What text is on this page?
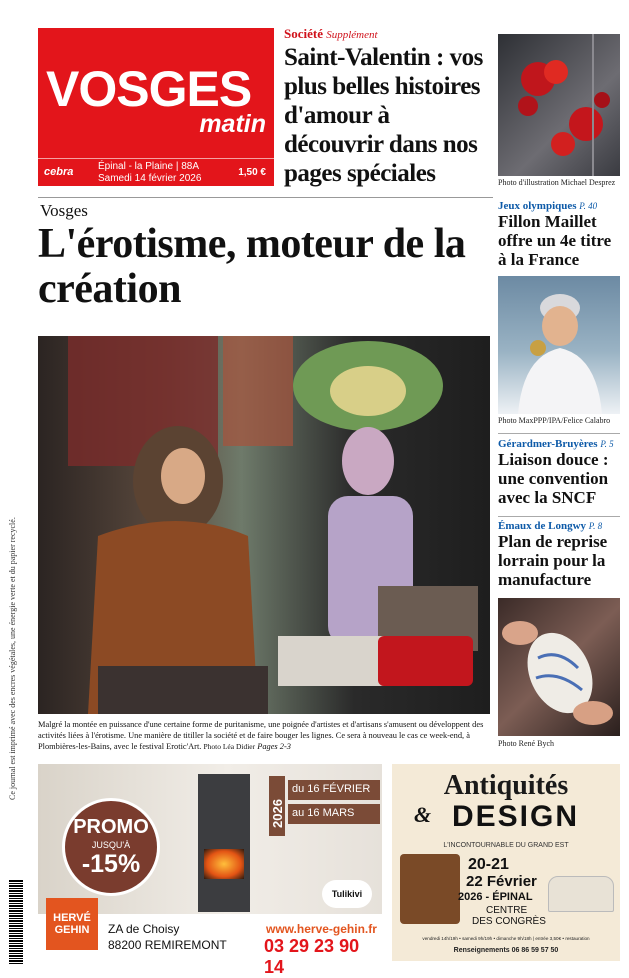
VOSGES
matin
cebra Épinal - la Plaine | 88A
Samedi 14 février 2026
1,50 €
Société Supplément
Saint-Valentin : vos plus belles histoires d'amour à découvrir dans nos pages spéciales	Photo d'illustration Michael Desprez
Vosges
L'érotisme, moteur de la création
Malgré la montée en puissance d'une certaine forme de puritanisme, une poignée d'artistes et d'artisans s'amusent ou développent des activités liées à l'érotisme. Une manière de titiller la société et de faire bouger les lignes. Ce sera à nouveau le cas ce week-end, à Plombières-les-Bains, avec le festival Erotic'Art. Photo Léa Didier Pages 2-3
Jeux olympiques P. 40
Fillon Maillet offre un 4e titre à la France
Photo MaxPPP/IPA/Felice Calabro
Gérardmer-Bruyères P. 5
Liaison douce : une convention avec la SNCF
Émaux de Longwy P. 8
Plan de reprise lorrain pour la manufacture
Photo René Bych
Ce journal est imprimé avec des encres végétales, une énergie verte et du papier recyclé.
PROMO
JUSQU'À
-15%
2026
du 16 FÉVRIER
au 16 MARS
Tulikivi
HERVÉ GEHIN	ZA de Choisy
88200 REMIREMONT
www.herve-gehin.fr
03 29 23 90 14
Antiquités
& DESIGN
L'INCONTOURNABLE DU GRAND EST
20-21
22 Février
2026 - ÉPINAL
CENTRE
DES CONGRÈS
vendredi 14h/19h • samedi 9h/19h • dimanche 9h/18h | entrée 3,50€ • restauration
Renseignements 06 86 59 57 50
